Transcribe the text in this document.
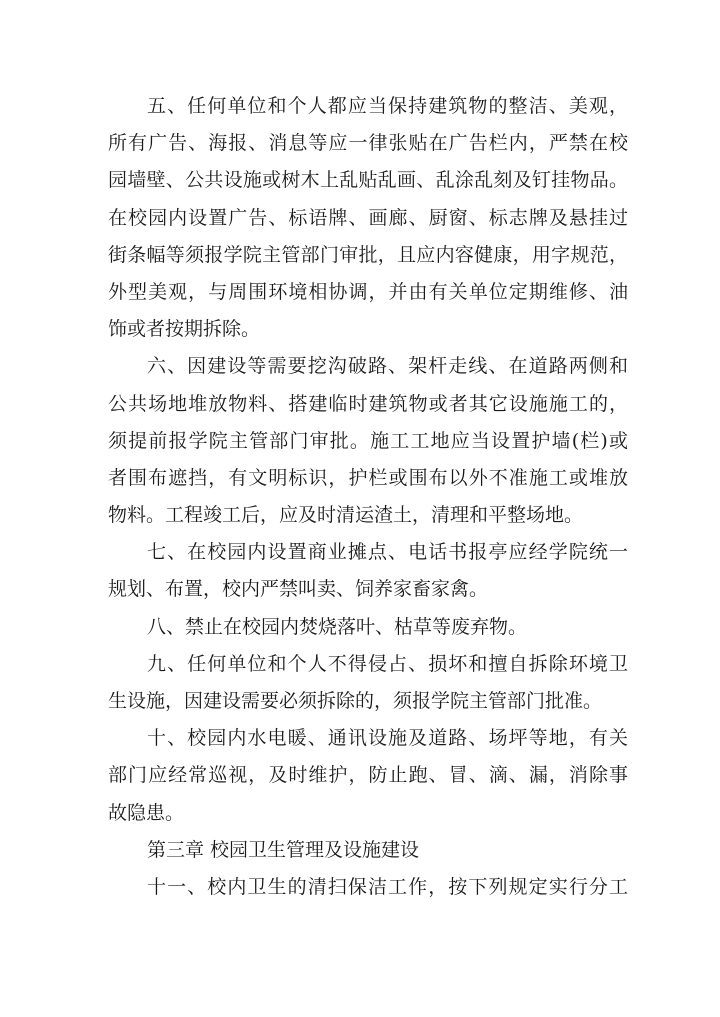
五、任何单位和个人都应当保持建筑物的整洁、美观，
所有广告、海报、消息等应一律张贴在广告栏内，严禁在校
园墙壁、公共设施或树木上乱贴乱画、乱涂乱刻及钉挂物品。
在校园内设置广告、标语牌、画廊、厨窗、标志牌及悬挂过
街条幅等须报学院主管部门审批，且应内容健康，用字规范，
外型美观，与周围环境相协调，并由有关单位定期维修、油
饰或者按期拆除。
六、因建设等需要挖沟破路、架杆走线、在道路两侧和
公共场地堆放物料、搭建临时建筑物或者其它设施施工的，
须提前报学院主管部门审批。施工工地应当设置护墙(栏)或
者围布遮挡，有文明标识，护栏或围布以外不准施工或堆放
物料。工程竣工后，应及时清运渣土，清理和平整场地。
七、在校园内设置商业摊点、电话书报亭应经学院统一
规划、布置，校内严禁叫卖、饲养家畜家禽。
八、禁止在校园内焚烧落叶、枯草等废弃物。
九、任何单位和个人不得侵占、损坏和擅自拆除环境卫
生设施，因建设需要必须拆除的，须报学院主管部门批准。
十、校园内水电暖、通讯设施及道路、场坪等地，有关
部门应经常巡视，及时维护，防止跑、冒、滴、漏，消除事
故隐患。
第三章 校园卫生管理及设施建设
十一、校内卫生的清扫保洁工作，按下列规定实行分工
